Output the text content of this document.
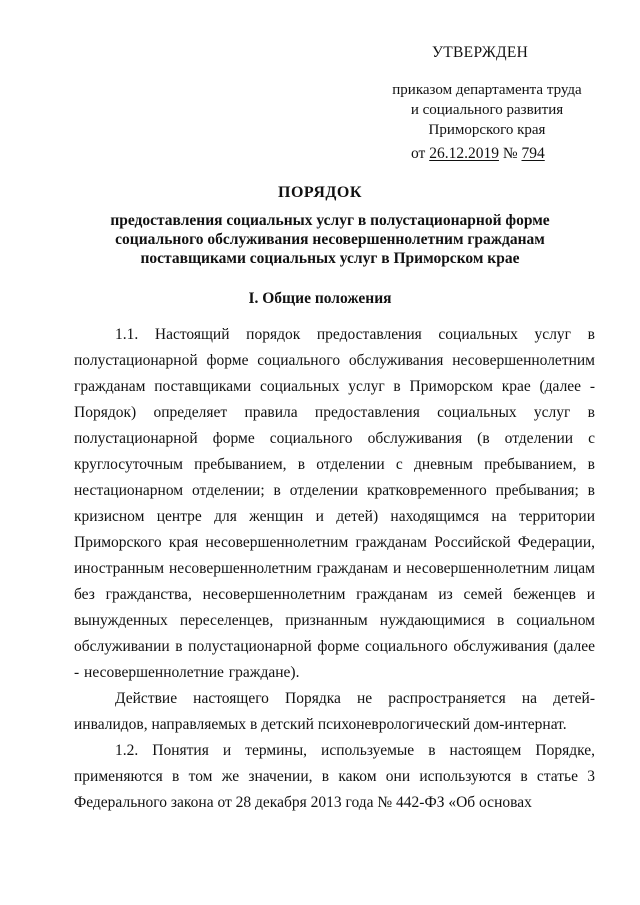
УТВЕРЖДЕН
приказом департамента труда
и социального развития
Приморского края
от 26.12.2019 № 794
ПОРЯДОК
предоставления социальных услуг в полустационарной форме социального обслуживания несовершеннолетним гражданам поставщиками социальных услуг в Приморском крае
I. Общие положения
1.1. Настоящий порядок предоставления социальных услуг в полустационарной форме социального обслуживания несовершеннолетним гражданам поставщиками социальных услуг в Приморском крае (далее - Порядок) определяет правила предоставления социальных услуг в полустационарной форме социального обслуживания (в отделении с круглосуточным пребыванием, в отделении с дневным пребыванием, в нестационарном отделении; в отделении кратковременного пребывания; в кризисном центре для женщин и детей) находящимся на территории Приморского края несовершеннолетним гражданам Российской Федерации, иностранным несовершеннолетним гражданам и несовершеннолетним лицам без гражданства, несовершеннолетним гражданам из семей беженцев и вынужденных переселенцев, признанным нуждающимися в социальном обслуживании в полустационарной форме социального обслуживания (далее - несовершеннолетние граждане).
Действие настоящего Порядка не распространяется на детей-инвалидов, направляемых в детский психоневрологический дом-интернат.
1.2. Понятия и термины, используемые в настоящем Порядке, применяются в том же значении, в каком они используются в статье 3 Федерального закона от 28 декабря 2013 года № 442-ФЗ «Об основах
